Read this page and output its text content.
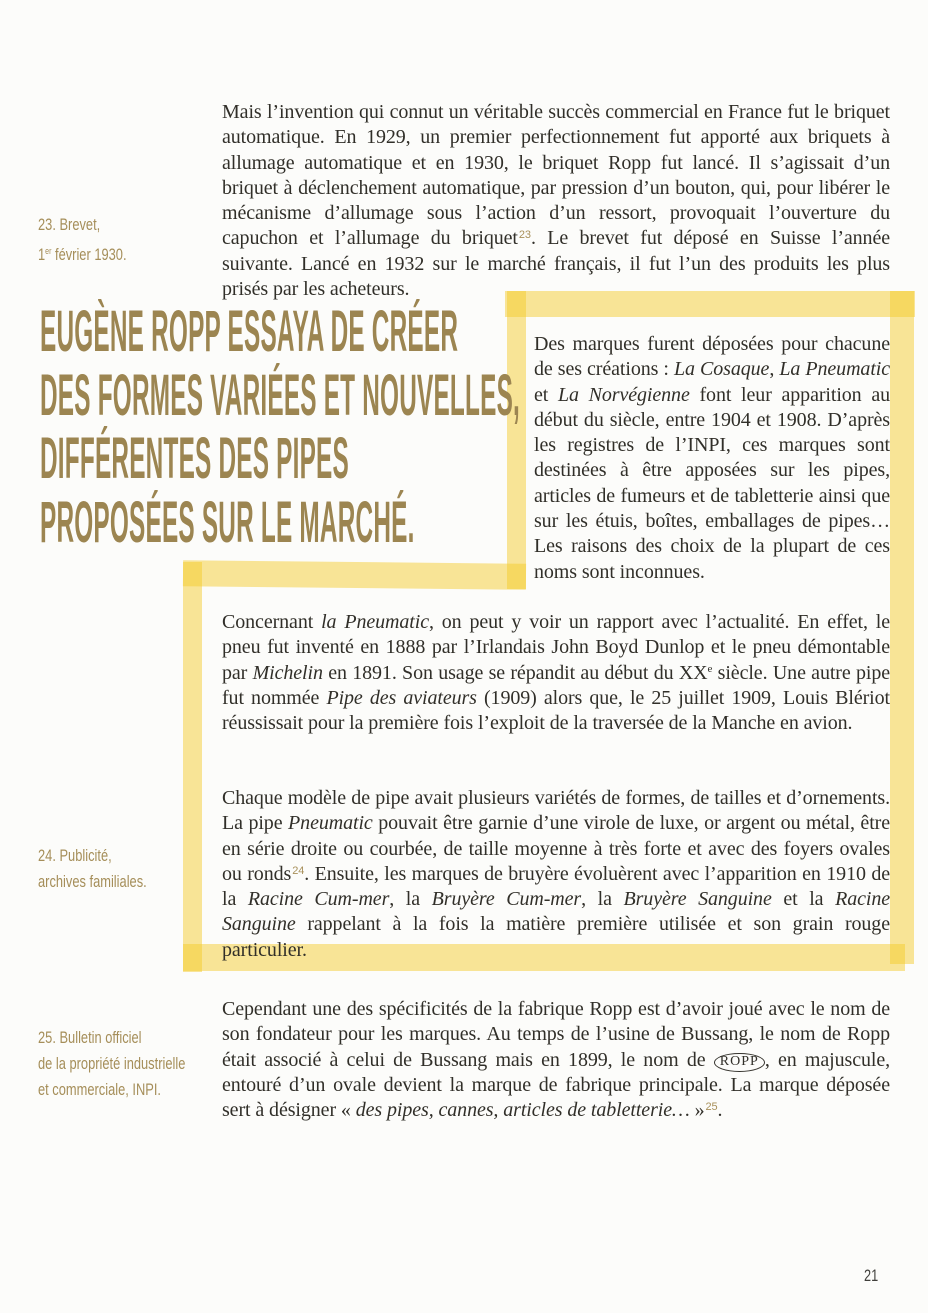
Mais l’invention qui connut un véritable succès commercial en France fut le briquet automatique. En 1929, un premier perfectionnement fut apporté aux briquets à allumage automatique et en 1930, le briquet Ropp fut lancé. Il s’agissait d’un briquet à déclenchement automatique, par pression d’un bouton, qui, pour libérer le mécanisme d’allumage sous l’action d’un ressort, provoquait l’ouverture du capuchon et l’allumage du briquet$^{23}$. Le brevet fut déposé en Suisse l’année suivante. Lancé en 1932 sur le marché français, il fut l’un des produits les plus prisés par les acheteurs.

Des marques furent déposées pour chacune de ses créations : La Cosaque, La Pneumatic et La Norvégienne font leur apparition au début du siècle, entre 1904 et 1908. D’après les registres de l’INPI, ces marques sont destinées à être apposées sur les pipes, articles de fumeurs et de tabletterie ainsi que sur les étuis, boîtes, emballages de pipes… Les raisons des choix de la plupart de ces noms sont inconnues.

Concernant la Pneumatic, on peut y voir un rapport avec l’actualité. En effet, le pneu fut inventé en 1888 par l’Irlandais John Boyd Dunlop et le pneu démontable par Michelin en 1891. Son usage se répandit au début du XXe siècle. Une autre pipe fut nommée Pipe des aviateurs (1909) alors que, le 25 juillet 1909, Louis Blériot réussissait pour la première fois l’exploit de la traversée de la Manche en avion.

Chaque modèle de pipe avait plusieurs variétés de formes, de tailles et d’ornements. La pipe Pneumatic pouvait être garnie d’une virole de luxe, or argent ou métal, être en série droite ou courbée, de taille moyenne à très forte et avec des foyers ovales ou ronds$^{24}$. Ensuite, les marques de bruyère évoluèrent avec l’apparition en 1910 de la Racine Cum-mer, la Bruyère Cum-mer, la Bruyère Sanguine et la Racine Sanguine rappelant à la fois la matière première utilisée et son grain rouge particulier.

Cependant une des spécificités de la fabrique Ropp est d’avoir joué avec le nom de son fondateur pour les marques. Au temps de l’usine de Bussang, le nom de Ropp était associé à celui de Bussang mais en 1899, le nom de ROPP , en majuscule, entouré d’un ovale devient la marque de fabrique principale. La marque déposée sert à désigner « des pipes, cannes, articles de tabletterie… »$^{25}$.

EUGÈNE ROPP ESSAYA DE CRÉER
DES FORMES VARIÉES ET NOUVELLES,
DIFFÉRENTES DES PIPES
PROPOSÉES SUR LE MARCHÉ.
23. Brevet,
1er février 1930.
24. Publicité,
archives familiales.
25. Bulletin officiel
de la propriété industrielle
et commerciale, INPI.
21
